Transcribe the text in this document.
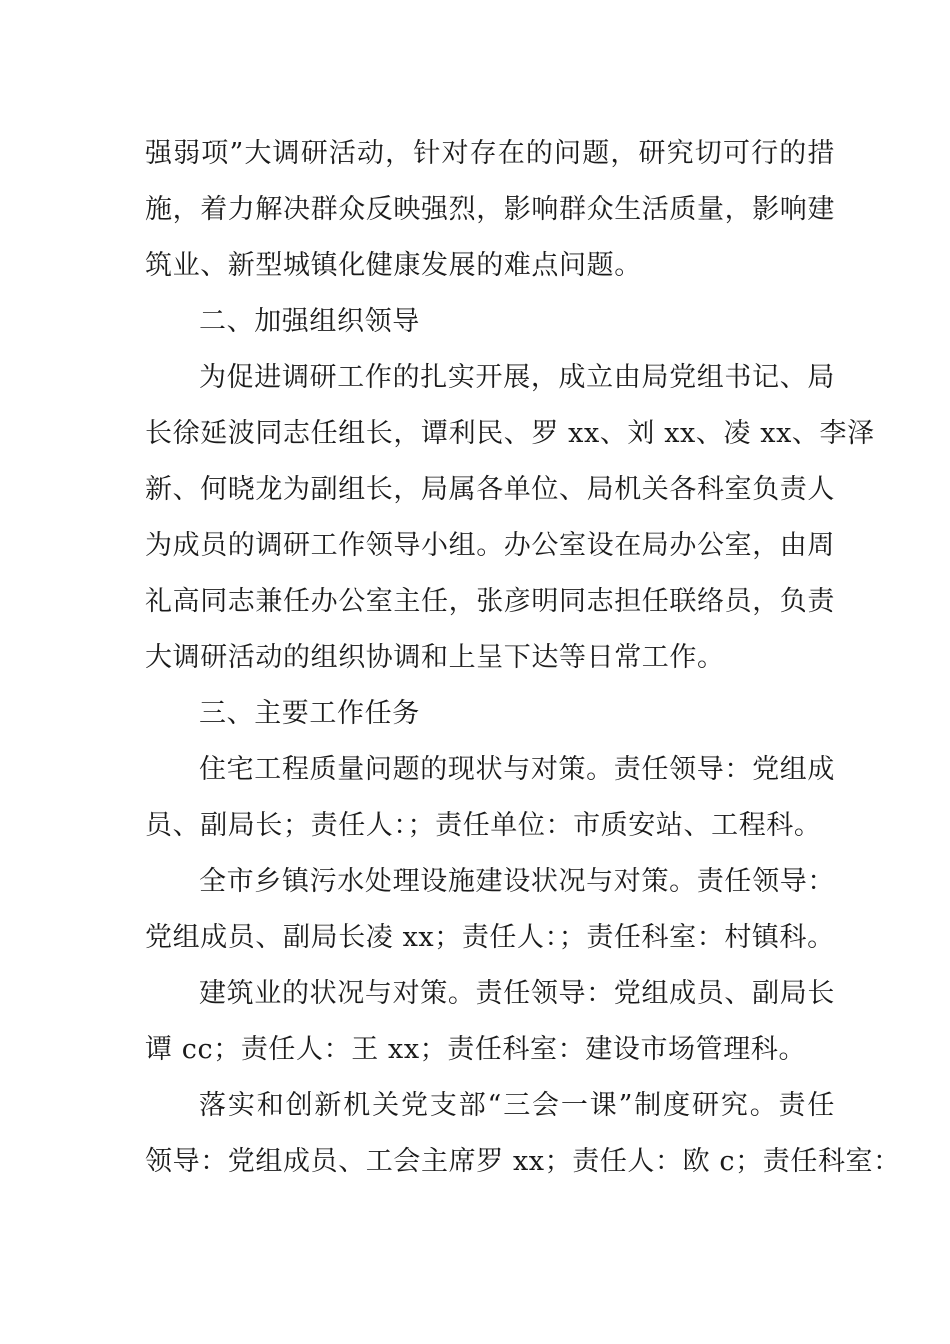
强弱项”大调研活动，针对存在的问题，研究切可行的措
施，着力解决群众反映强烈，影响群众生活质量，影响建
筑业、新型城镇化健康发展的难点问题。
二、加强组织领导
为促进调研工作的扎实开展，成立由局党组书记、局
长徐延波同志任组长，谭利民、罗 xx、刘 xx、凌 xx、李泽
新、何晓龙为副组长，局属各单位、局机关各科室负责人
为成员的调研工作领导小组。办公室设在局办公室，由周
礼高同志兼任办公室主任，张彦明同志担任联络员，负责
大调研活动的组织协调和上呈下达等日常工作。
三、主要工作任务
住宅工程质量问题的现状与对策。责任领导：党组成
员、副局长；责任人：；责任单位：市质安站、工程科。
全市乡镇污水处理设施建设状况与对策。责任领导：
党组成员、副局长凌 xx；责任人：；责任科室：村镇科。
建筑业的状况与对策。责任领导：党组成员、副局长
谭 cc；责任人：王 xx；责任科室：建设市场管理科。
落实和创新机关党支部“三会一课”制度研究。责任
领导：党组成员、工会主席罗 xx；责任人：欧 c；责任科室：
